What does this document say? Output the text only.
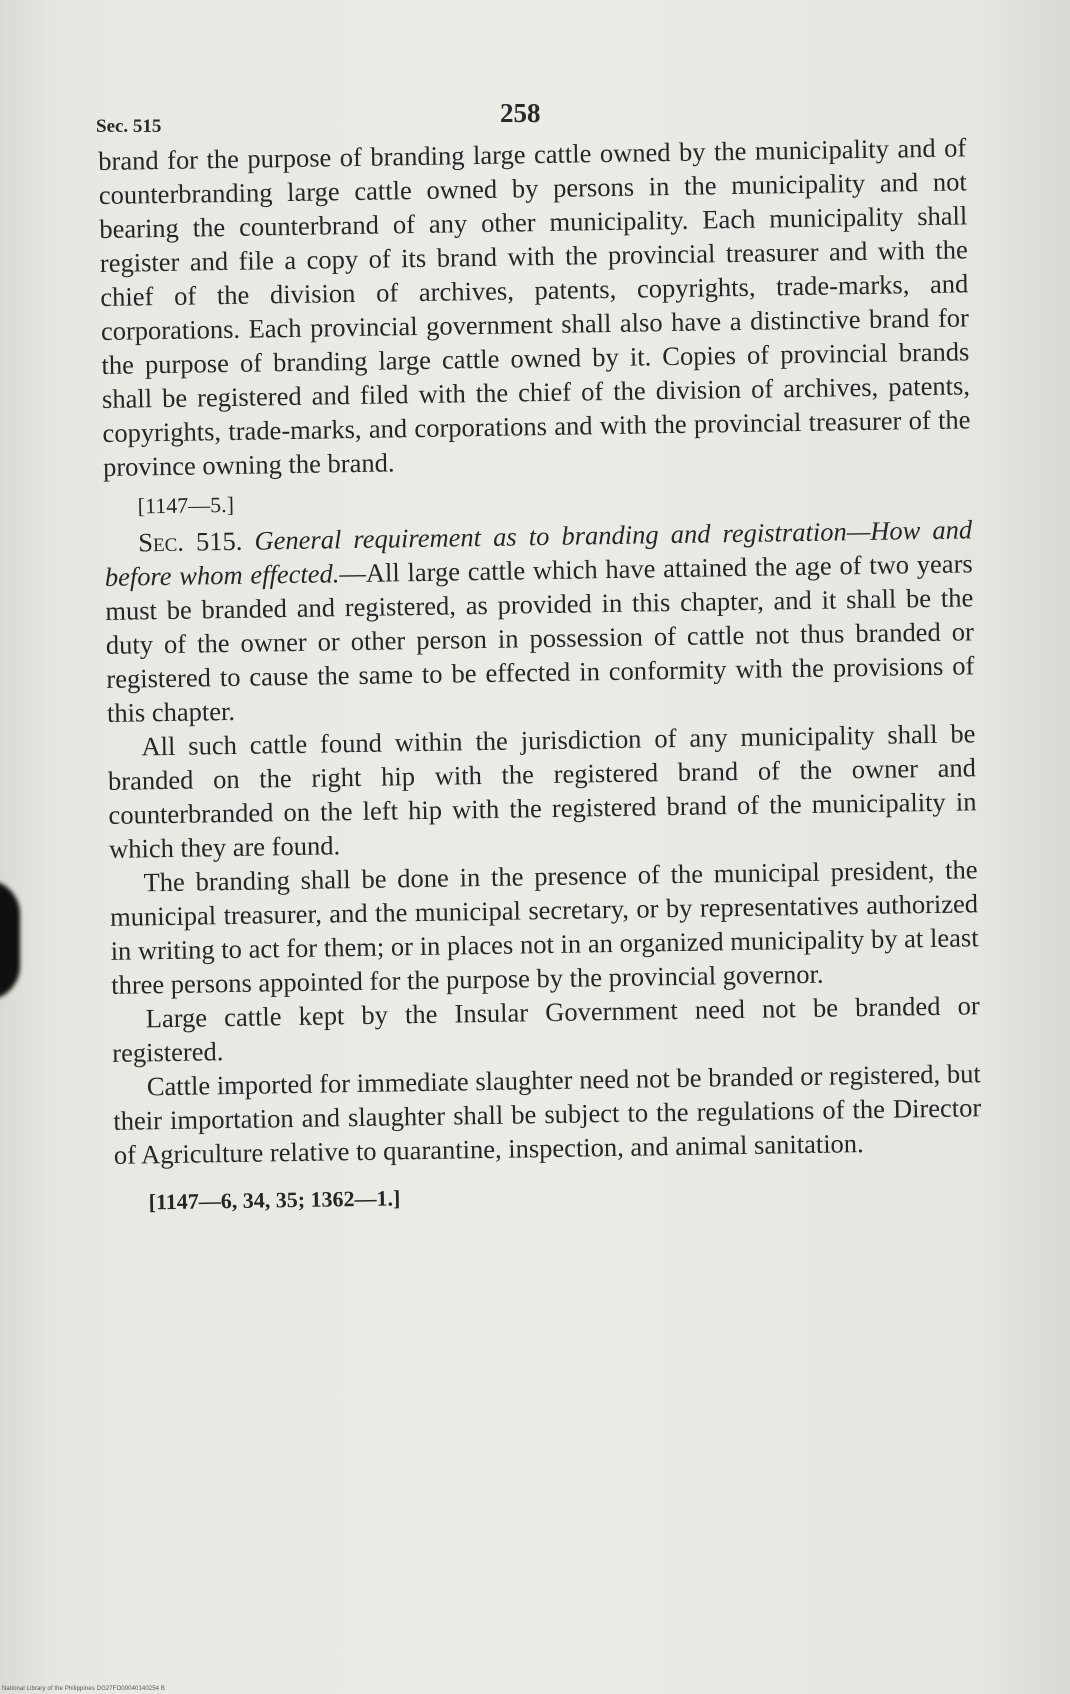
Sec. 515	258

brand for the purpose of branding large cattle owned by the municipality and of counterbranding large cattle owned by persons in the municipality and not bearing the counterbrand of any other municipality. Each municipality shall register and file a copy of its brand with the provincial treasurer and with the chief of the division of archives, patents, copyrights, trade-marks, and corporations. Each provincial government shall also have a distinctive brand for the purpose of branding large cattle owned by it. Copies of provincial brands shall be registered and filed with the chief of the division of archives, patents, copyrights, trade-marks, and corporations and with the provincial treasurer of the province owning the brand.

[1147—5.]

Sec. 515. General requirement as to branding and registration—How and before whom effected.—All large cattle which have attained the age of two years must be branded and registered, as provided in this chapter, and it shall be the duty of the owner or other person in possession of cattle not thus branded or registered to cause the same to be effected in conformity with the provisions of this chapter.

All such cattle found within the jurisdiction of any municipality shall be branded on the right hip with the registered brand of the owner and counterbranded on the left hip with the registered brand of the municipality in which they are found.

The branding shall be done in the presence of the municipal president, the municipal treasurer, and the municipal secretary, or by representatives authorized in writing to act for them; or in places not in an organized municipality by at least three persons appointed for the purpose by the provincial governor.

Large cattle kept by the Insular Government need not be branded or registered.

Cattle imported for immediate slaughter need not be branded or registered, but their importation and slaughter shall be subject to the regulations of the Director of Agriculture relative to quarantine, inspection, and animal sanitation.

[1147—6, 34, 35; 1362—1.]

National Library of the Philippines DG27FO00040140254 B
